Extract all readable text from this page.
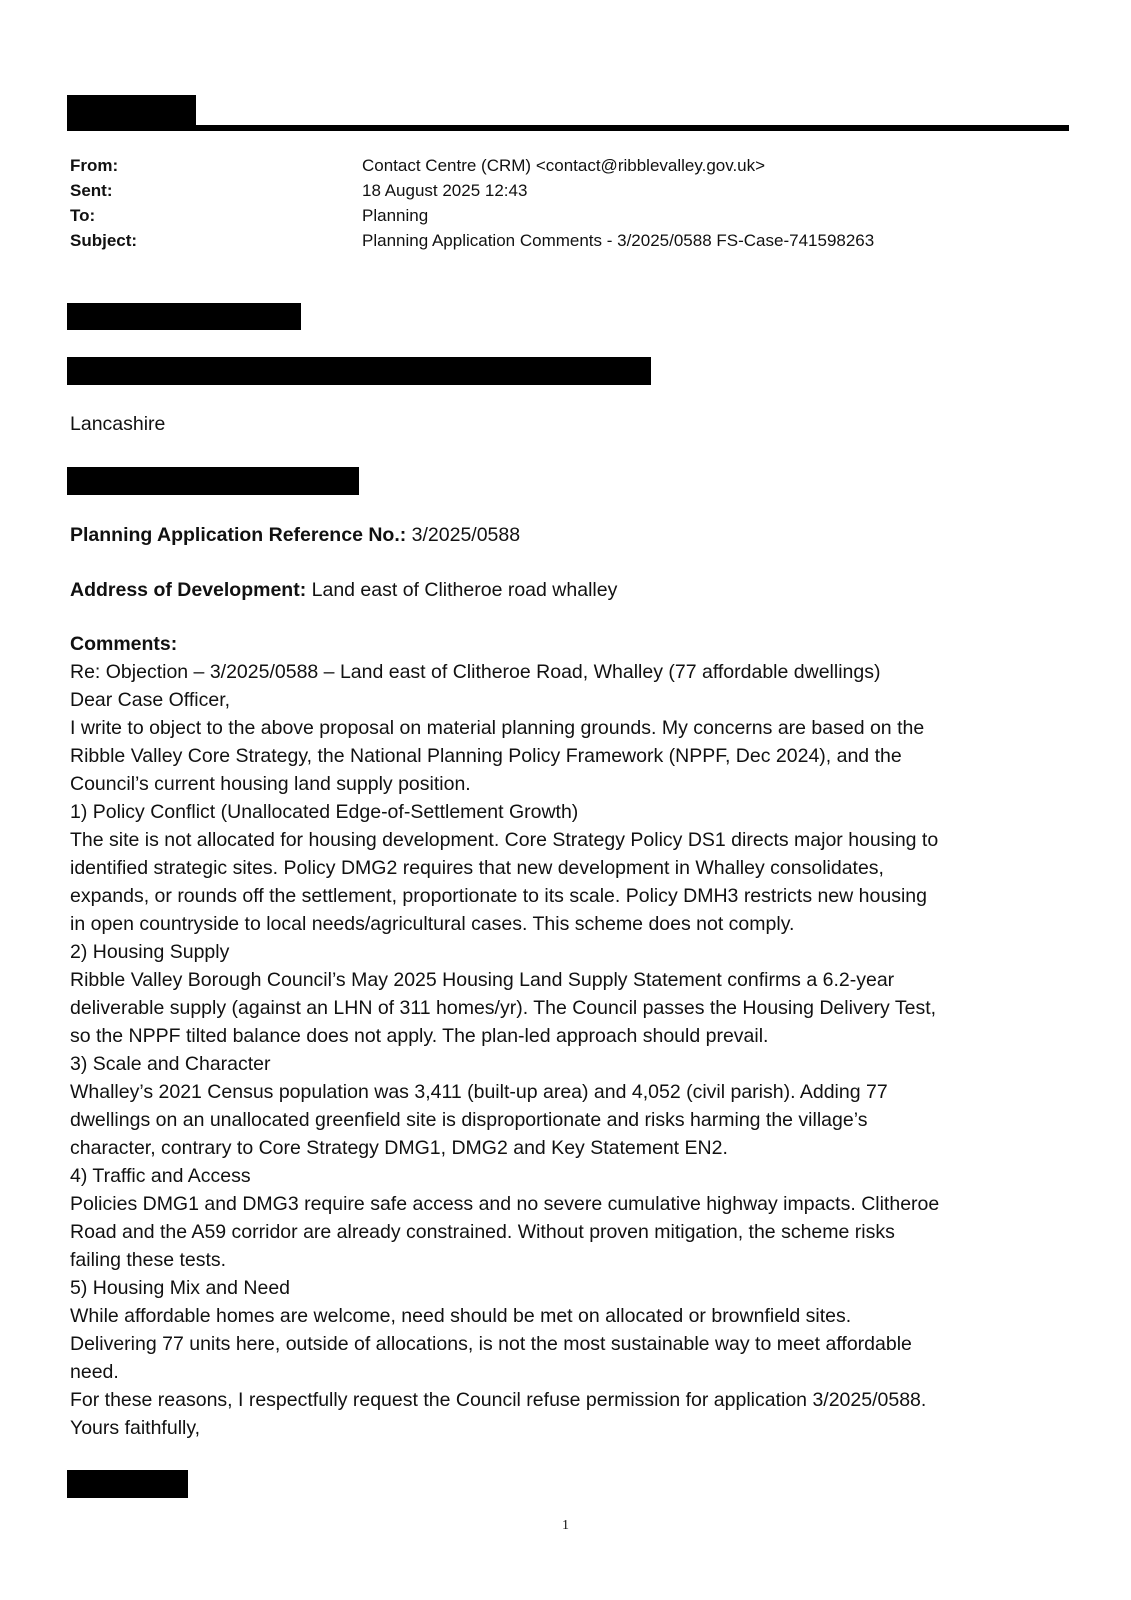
From:	Contact Centre (CRM) <contact@ribblevalley.gov.uk>
Sent:	18 August 2025 12:43
To:	Planning
Subject:	Planning Application Comments - 3/2025/0588 FS-Case-741598263
Lancashire
Planning Application Reference No.: 3/2025/0588
Address of Development: Land east of Clitheroe road whalley
Comments:
Re: Objection – 3/2025/0588 – Land east of Clitheroe Road, Whalley (77 affordable dwellings)
Dear Case Officer,
I write to object to the above proposal on material planning grounds. My concerns are based on the
Ribble Valley Core Strategy, the National Planning Policy Framework (NPPF, Dec 2024), and the
Council’s current housing land supply position.
1) Policy Conflict (Unallocated Edge-of-Settlement Growth)
The site is not allocated for housing development. Core Strategy Policy DS1 directs major housing to
identified strategic sites. Policy DMG2 requires that new development in Whalley consolidates,
expands, or rounds off the settlement, proportionate to its scale. Policy DMH3 restricts new housing
in open countryside to local needs/agricultural cases. This scheme does not comply.
2) Housing Supply
Ribble Valley Borough Council’s May 2025 Housing Land Supply Statement confirms a 6.2-year
deliverable supply (against an LHN of 311 homes/yr). The Council passes the Housing Delivery Test,
so the NPPF tilted balance does not apply. The plan-led approach should prevail.
3) Scale and Character
Whalley’s 2021 Census population was 3,411 (built-up area) and 4,052 (civil parish). Adding 77
dwellings on an unallocated greenfield site is disproportionate and risks harming the village’s
character, contrary to Core Strategy DMG1, DMG2 and Key Statement EN2.
4) Traffic and Access
Policies DMG1 and DMG3 require safe access and no severe cumulative highway impacts. Clitheroe
Road and the A59 corridor are already constrained. Without proven mitigation, the scheme risks
failing these tests.
5) Housing Mix and Need
While affordable homes are welcome, need should be met on allocated or brownfield sites.
Delivering 77 units here, outside of allocations, is not the most sustainable way to meet affordable
need.
For these reasons, I respectfully request the Council refuse permission for application 3/2025/0588.
Yours faithfully,
1
